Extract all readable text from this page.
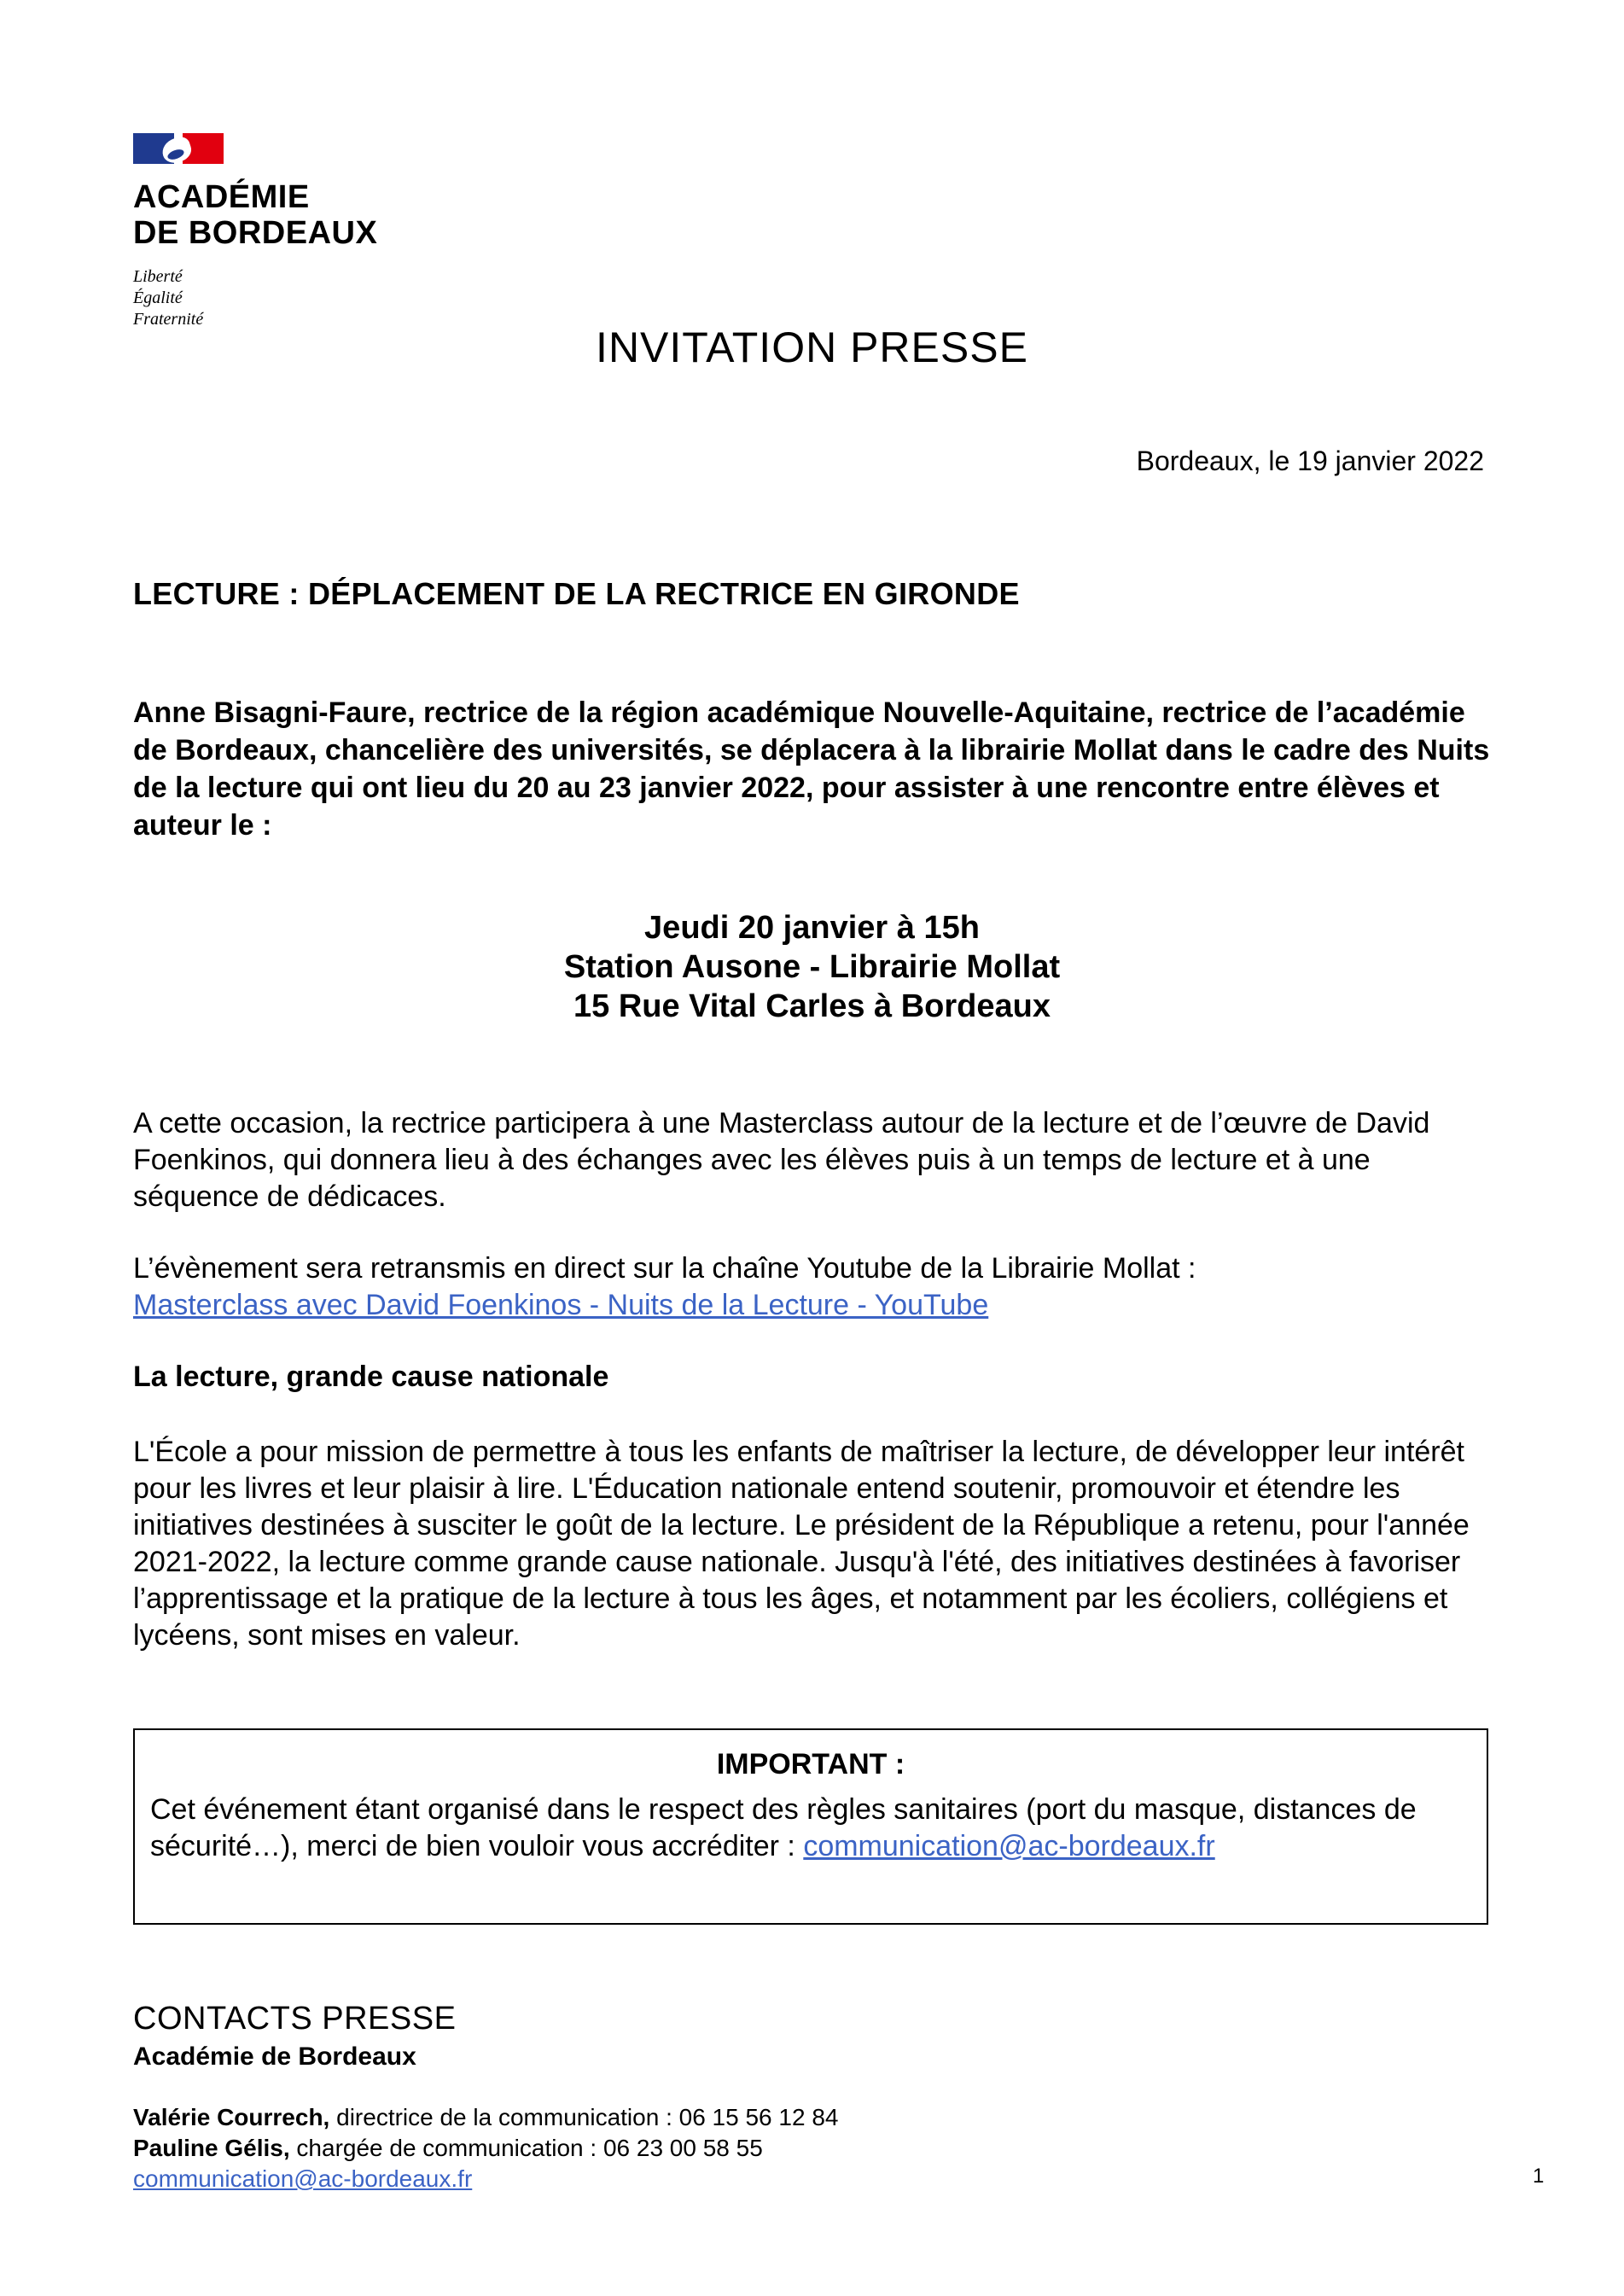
ACADÉMIE
DE BORDEAUX
Liberté
Égalité
Fraternité
INVITATION PRESSE
Bordeaux, le 19 janvier 2022
LECTURE : DÉPLACEMENT DE LA RECTRICE EN GIRONDE
Anne Bisagni-Faure, rectrice de la région académique Nouvelle-Aquitaine, rectrice de l’académie de Bordeaux, chancelière des universités, se déplacera à la librairie Mollat dans le cadre des Nuits de la lecture qui ont lieu du 20 au 23 janvier 2022, pour assister à une rencontre entre élèves et auteur le :
Jeudi 20 janvier à 15h
Station Ausone - Librairie Mollat
15 Rue Vital Carles à Bordeaux
A cette occasion, la rectrice participera à une Masterclass autour de la lecture et de l’œuvre de David Foenkinos, qui donnera lieu à des échanges avec les élèves puis à un temps de lecture et à une séquence de dédicaces.
L’évènement sera retransmis en direct sur la chaîne Youtube de la Librairie Mollat :
Masterclass avec David Foenkinos - Nuits de la Lecture - YouTube
La lecture, grande cause nationale
L'École a pour mission de permettre à tous les enfants de maîtriser la lecture, de développer leur intérêt pour les livres et leur plaisir à lire. L'Éducation nationale entend soutenir, promouvoir et étendre les initiatives destinées à susciter le goût de la lecture. Le président de la République a retenu, pour l'année 2021-2022, la lecture comme grande cause nationale. Jusqu'à l'été, des initiatives destinées à favoriser l’apprentissage et la pratique de la lecture à tous les âges, et notamment par les écoliers, collégiens et lycéens, sont mises en valeur.
IMPORTANT :
Cet événement étant organisé dans le respect des règles sanitaires (port du masque, distances de sécurité…), merci de bien vouloir vous accréditer : communication@ac-bordeaux.fr
CONTACTS PRESSE
Académie de Bordeaux
Valérie Courrech, directrice de la communication : 06 15 56 12 84
Pauline Gélis, chargée de communication : 06 23 00 58 55
communication@ac-bordeaux.fr	1
